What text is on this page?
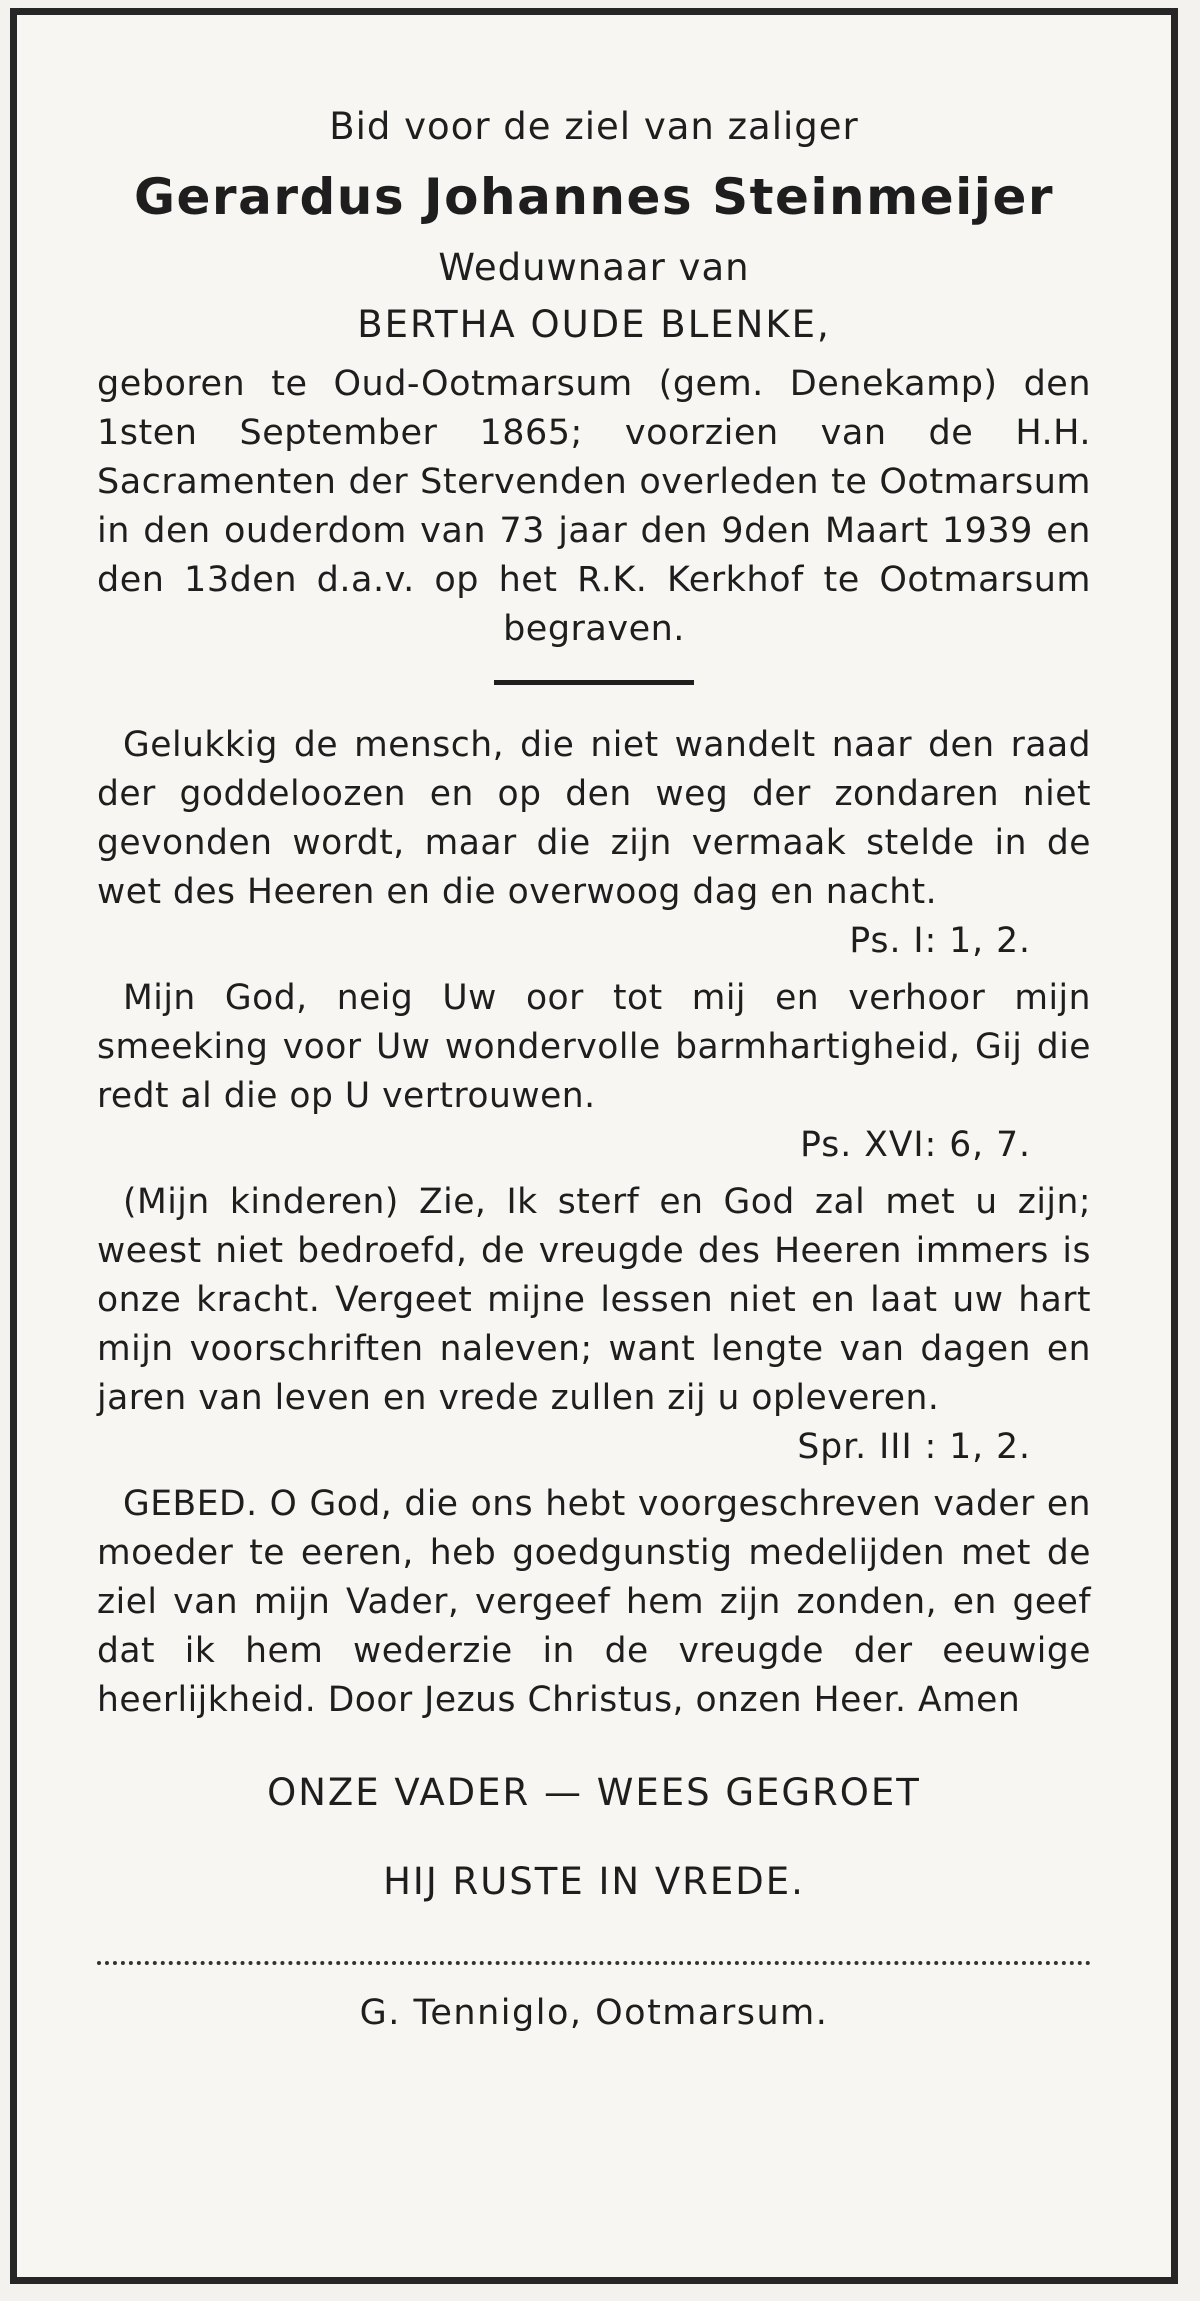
Bid voor de ziel van zaliger
Gerardus Johannes Steinmeijer
Weduwnaar van
BERTHA OUDE BLENKE,
geboren te Oud-Ootmarsum (gem. Denekamp) den 1sten September 1865; voorzien van de H.H. Sacramenten der Stervenden overleden te Ootmarsum in den ouderdom van 73 jaar den 9den Maart 1939 en den 13den d.a.v. op het R.K. Kerkhof te Ootmarsum begraven.

Gelukkig de mensch, die niet wandelt naar den raad der goddeloozen en op den weg der zondaren niet gevonden wordt, maar die zijn vermaak stelde in de wet des Heeren en die overwoog dag en nacht.

Ps. I: 1, 2.

Mijn God, neig Uw oor tot mij en verhoor mijn smeeking voor Uw wondervolle barmhartigheid, Gij die redt al die op U vertrouwen.

Ps. XVI: 6, 7.

(Mijn kinderen) Zie, Ik sterf en God zal met u zijn; weest niet bedroefd, de vreugde des Heeren immers is onze kracht. Vergeet mijne lessen niet en laat uw hart mijn voorschriften naleven; want lengte van dagen en jaren van leven en vrede zullen zij u opleveren.

Spr. III : 1, 2.

GEBED. O God, die ons hebt voorgeschreven vader en moeder te eeren, heb goedgunstig medelijden met de ziel van mijn Vader, vergeef hem zijn zonden, en geef dat ik hem wederzie in de vreugde der eeuwige heerlijkheid. Door Jezus Christus, onzen Heer. Amen

ONZE VADER — WEES GEGROET
HIJ RUSTE IN VREDE.
G. Tenniglo, Ootmarsum.
